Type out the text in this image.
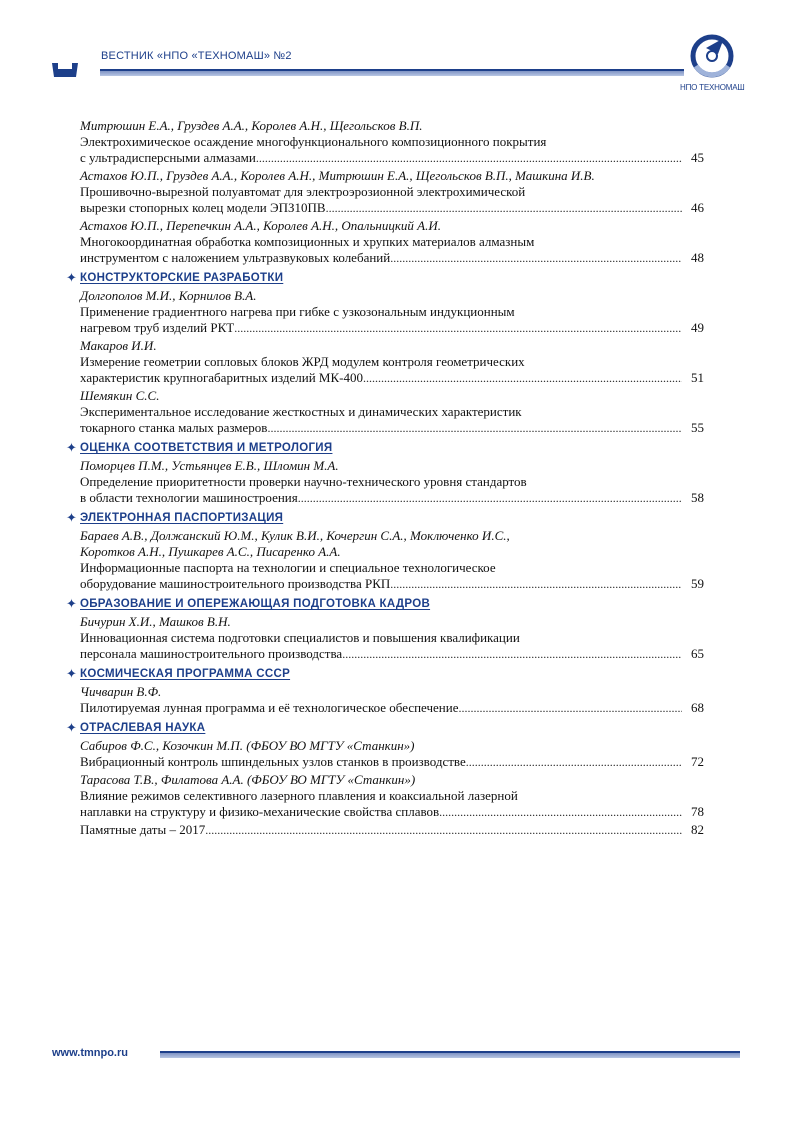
ВЕСТНИК «НПО «ТЕХНОМАШ» №2
НПО ТЕХНОМАШ
Митрюшин Е.А., Груздев А.А., Королев А.Н., Щегольсков В.П.
Электрохимическое осаждение многофункционального композиционного покрытия
с ультрадисперсными алмазами .....	45
Астахов Ю.П., Груздев А.А., Королев А.Н., Митрюшин Е.А., Щегольсков В.П., Машкина И.В.
Прошивочно-вырезной полуавтомат для электроэрозионной электрохимической
вырезки стопорных колец модели ЭПЗ10ПВ .....	46
Астахов Ю.П., Перепечкин А.А., Королев А.Н., Опальницкий А.И.
Многокоординатная обработка композиционных и хрупких материалов алмазным
инструментом с наложением ультразвуковых колебаний .....	48
✦ КОНСТРУКТОРСКИЕ РАЗРАБОТКИ
Долгополов М.И., Корнилов В.А.
Применение градиентного нагрева при гибке с узкозональным индукционным
нагревом труб изделий РКТ .....	49
Макаров И.И.
Измерение геометрии сопловых блоков ЖРД модулем контроля геометрических
характеристик крупногабаритных изделий МК-400 .....	51
Шемякин С.С.
Экспериментальное исследование жесткостных и динамических характеристик
токарного станка малых размеров .....	55
✦ ОЦЕНКА СООТВЕТСТВИЯ И МЕТРОЛОГИЯ
Поморцев П.М., Устьянцев Е.В., Шломин М.А.
Определение приоритетности проверки научно-технического уровня стандартов
в области технологии машиностроения .....	58
✦ ЭЛЕКТРОННАЯ ПАСПОРТИЗАЦИЯ
Бараев А.В., Должанский Ю.М., Кулик В.И., Кочергин С.А., Моключенко И.С.,
Коротков А.Н., Пушкарев А.С., Писаренко А.А.
Информационные паспорта на технологии и специальное технологическое
оборудование машиностроительного производства РКП .....	59
✦ ОБРАЗОВАНИЕ И ОПЕРЕЖАЮЩАЯ ПОДГОТОВКА КАДРОВ
Бичурин Х.И., Машков В.Н.
Инновационная система подготовки специалистов и повышения квалификации
персонала машиностроительного производства .....	65
✦ КОСМИЧЕСКАЯ ПРОГРАММА СССР
Чичварин В.Ф.
Пилотируемая лунная программа и её технологическое обеспечение .....	68
✦ ОТРАСЛЕВАЯ НАУКА
Сабиров Ф.С., Козочкин М.П. (ФБОУ ВО МГТУ «Станкин»)
Вибрационный контроль шпиндельных узлов станков в производстве .....	72
Тарасова Т.В., Филатова А.А. (ФБОУ ВО МГТУ «Станкин»)
Влияние режимов селективного лазерного плавления и коаксиальной лазерной
наплавки на структуру и физико-механические свойства сплавов .....	78
Памятные даты – 2017 .....	82
www.tmnpo.ru
